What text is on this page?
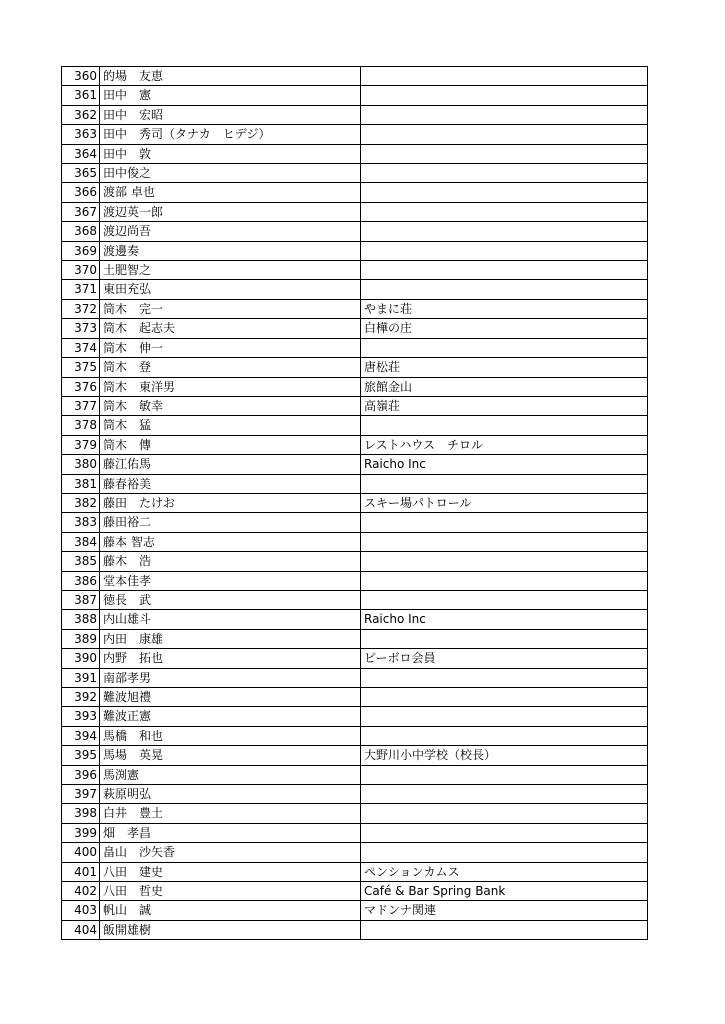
360	的場　友恵	
361	田中　憲	
362	田中　宏昭	
363	田中　秀司（タナカ　ヒデジ）	
364	田中　敦	
365	田中俊之	
366	渡部 卓也	
367	渡辺英一郎	
368	渡辺尚吾	
369	渡邊奏	
370	土肥智之	
371	東田充弘	
372	筒木　完一	やまに荘
373	筒木　起志夫	白樺の庄
374	筒木　伸一	
375	筒木　登	唐松荘
376	筒木　東洋男	旅館金山
377	筒木　敏幸	高嶺荘
378	筒木　猛	
379	筒木　傳	レストハウス　チロル
380	藤江佑馬	Raicho Inc
381	藤春裕美	
382	藤田　たけお	スキー場パトロール
383	藤田裕二	
384	藤本 智志	
385	藤木　浩	
386	堂本佳孝	
387	徳長　武	
388	内山雄斗	Raicho Inc
389	内田　康雄	
390	内野　拓也	ピーボロ会員
391	南部孝男	
392	難波旭禮	
393	難波正憲	
394	馬橋　和也	
395	馬場　英晃	大野川小中学校（校長）
396	馬渕憲	
397	萩原明弘	
398	白井　豊土	
399	畑　孝昌	
400	畠山　沙矢香	
401	八田　建史	ペンションカムス
402	八田　哲史	Café & Bar Spring Bank
403	帆山　誠	マドンナ関連
404	飯開雄樹	
